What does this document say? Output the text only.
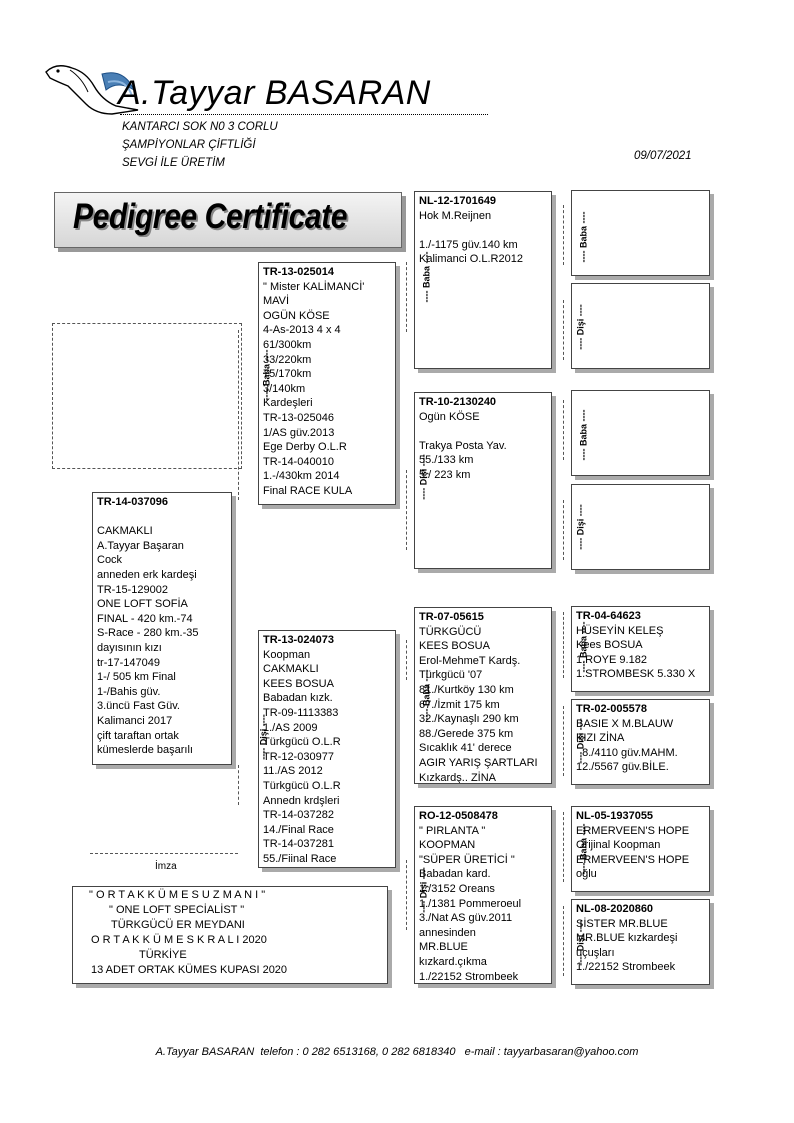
A.Tayyar BASARAN
KANTARCI SOK N0 3 CORLU
ŞAMPİYONLAR ÇİFTLİĞİ
SEVGİ İLE ÜRETİM
09/07/2021
Pedigree Certificate
TR-14-037096

CAKMAKLI
A.Tayyar Başaran
Cock
anneden erk kardeşi
TR-15-129002
ONE LOFT SOFİA
FINAL - 420 km.-74
S-Race - 280 km.-35
dayısının kızı
tr-17-147049
1-/ 505 km Final
1-/Bahis güv.
3.üncü Fast Güv.
Kalimanci 2017
çift taraftan ortak
kümeslerde başarılı
TR-13-025014
" Mister KALİMANCİ'
MAVİ
OGÜN KÖSE
4-As-2013 4 x 4
61/300km
33/220km
75/170km
3/140km
Kardeşleri
TR-13-025046
1/AS güv.2013
Ege Derby O.L.R
TR-14-040010
1.-/430km 2014
Final RACE KULA
TR-13-024073
Koopman
CAKMAKLI
KEES BOSUA
Babadan kızk.
TR-09-1113383
1./AS 2009
Türkgücü O.L.R
TR-12-030977
11./AS 2012
Türkgücü O.L.R
Annedn krdşleri
TR-14-037282
14./Final Race
TR-14-037281
55./Fiinal Race
NL-12-1701649
Hok M.Reijnen

1./-1175 güv.140 km
Kalimanci O.L.R2012
TR-10-2130240
Ogün KÖSE

Trakya Posta Yav.
55./133 km
5./ 223 km
TR-07-05615
TÜRKGÜCÜ
KEES BOSUA
Erol-MehmeT Kardş.
Türkgücü '07
81./Kurtköy 130 km
67./İzmit 175 km
32./Kaynaşlı 290 km
88./Gerede 375 km
Sıcaklık 41' derece
AGIR YARIŞ ŞARTLARI
Kızkardş.. ZİNA
RO-12-0508478
" PIRLANTA "
KOOPMAN
"SÜPER ÜRETİCİ "
Babadan kard.
1./3152 Oreans
1./1381 Pommeroeul
3./Nat AS güv.2011
annesinden
MR.BLUE
kızkard.çıkma
1./22152 Strombeek
TR-04-64623
HÜSEYİN KELEŞ
Kees BOSUA
1.ROYE 9.182
1.STROMBESK 5.330 X
TR-02-005578
BASIE X M.BLAUW
KIZI ZİNA
8./4110 güv.MAHM.
12./5567 güv.BİLE.
NL-05-1937055
ERMERVEEN'S HOPE
Orijinal Koopman
ERMERVEEN'S HOPE
oğlu
NL-08-2020860
SİSTER MR.BLUE
MR.BLUE kızkardeşi
uçuşları
1./22152 Strombeek
---- Baba ----
---- Dişi ----
---- Baba ----
---- Dişi ----
---- Baba ----
---- Dişi ----
---- Baba ----
---- Dişi ----
---- Baba ----
---- Dişi ----
---- Baba ----
---- Dişi ----
---- Baba ----
---- Dişi ----
İmza
" O R T A K K Ü M E S U Z M A N I "
" ONE LOFT SPECİALİST "
TÜRKGÜCÜ ER MEYDANI
O R T A K K Ü M E S K R A L I 2020
TÜRKİYE
13 ADET ORTAK KÜMES KUPASI 2020
A.Tayyar BASARAN  telefon : 0 282 6513168, 0 282 6818340   e-mail : tayyarbasaran@yahoo.com
